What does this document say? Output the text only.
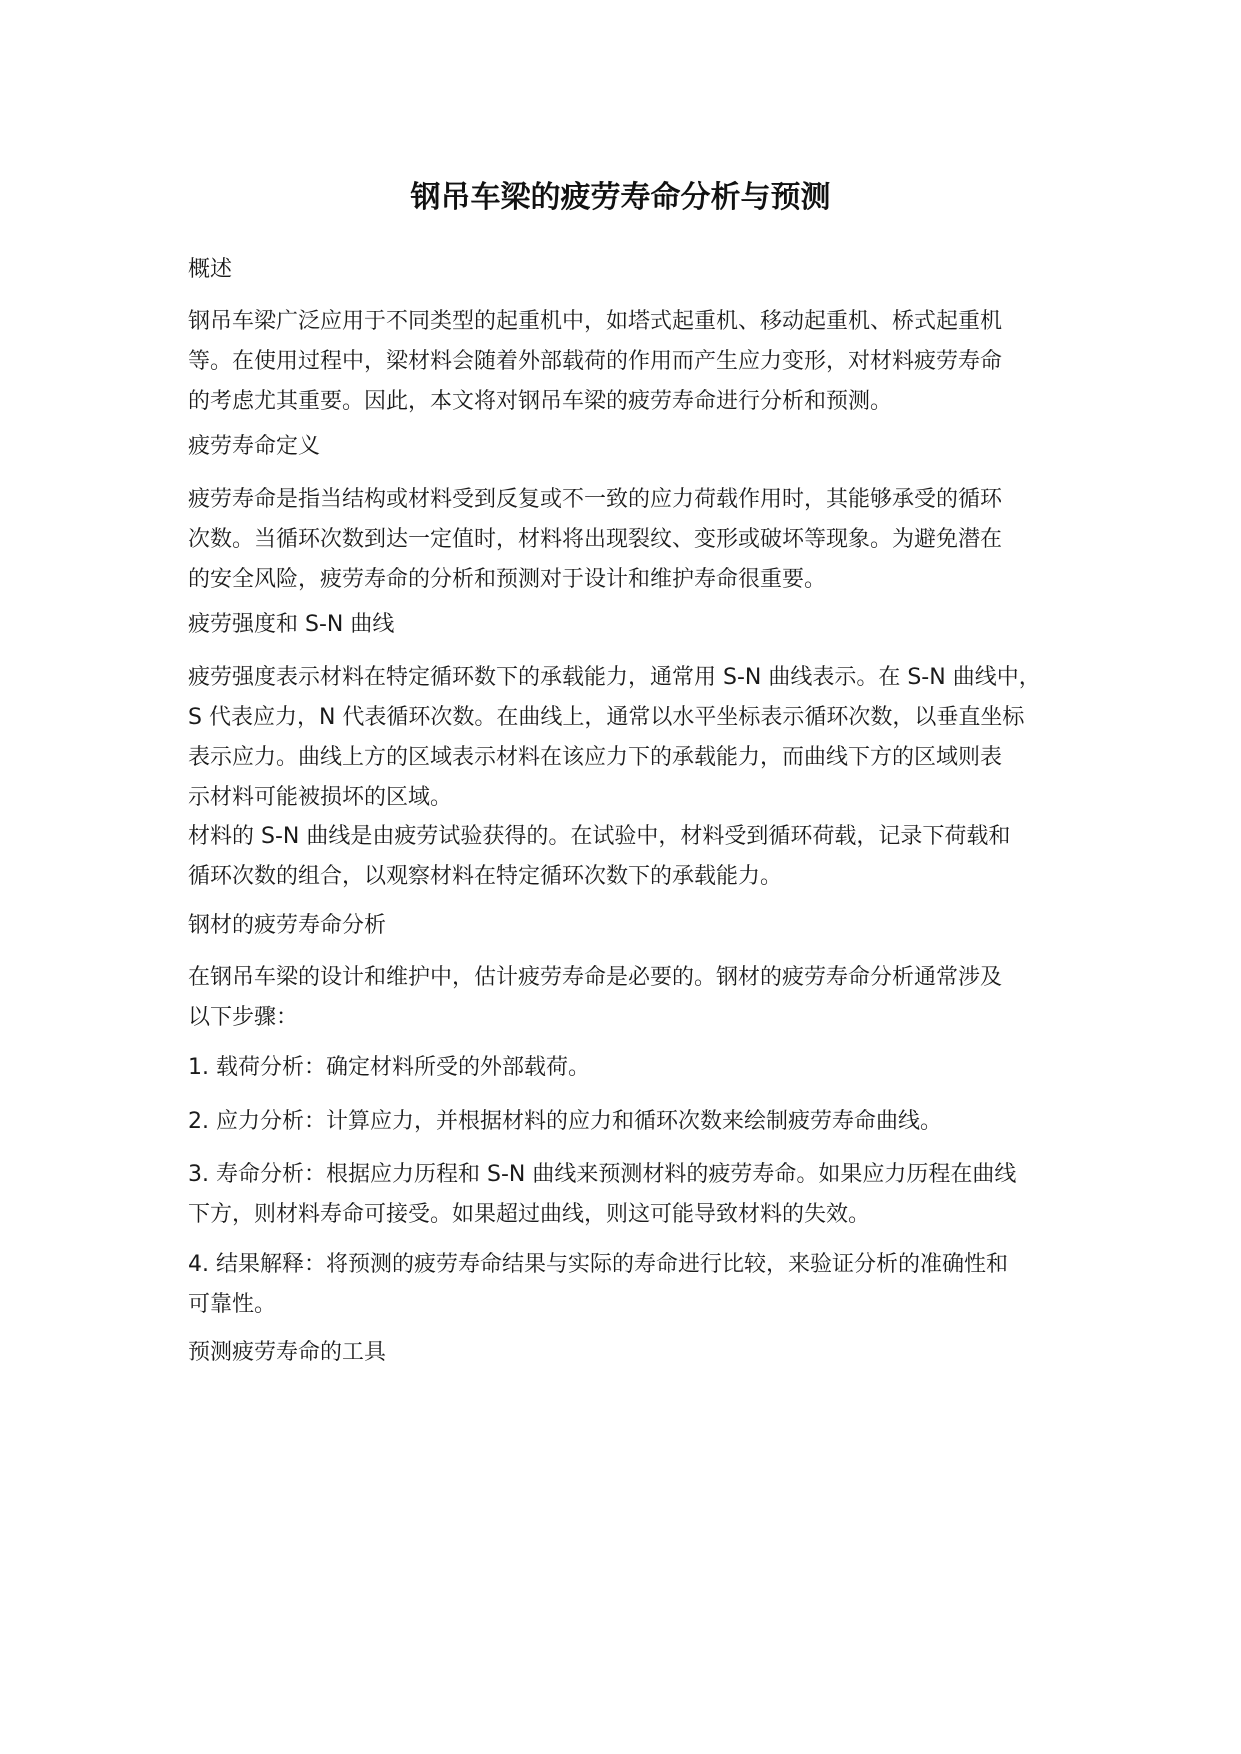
钢吊车梁的疲劳寿命分析与预测

概述

钢吊车梁广泛应用于不同类型的起重机中，如塔式起重机、移动起重机、桥式起重机
等。在使用过程中，梁材料会随着外部载荷的作用而产生应力变形，对材料疲劳寿命
的考虑尤其重要。因此，本文将对钢吊车梁的疲劳寿命进行分析和预测。

疲劳寿命定义

疲劳寿命是指当结构或材料受到反复或不一致的应力荷载作用时，其能够承受的循环
次数。当循环次数到达一定值时，材料将出现裂纹、变形或破坏等现象。为避免潜在
的安全风险，疲劳寿命的分析和预测对于设计和维护寿命很重要。

疲劳强度和 S-N 曲线

疲劳强度表示材料在特定循环数下的承载能力，通常用 S-N 曲线表示。在 S-N 曲线中，
S 代表应力，N 代表循环次数。在曲线上，通常以水平坐标表示循环次数，以垂直坐标
表示应力。曲线上方的区域表示材料在该应力下的承载能力，而曲线下方的区域则表
示材料可能被损坏的区域。

材料的 S-N 曲线是由疲劳试验获得的。在试验中，材料受到循环荷载，记录下荷载和
循环次数的组合，以观察材料在特定循环次数下的承载能力。

钢材的疲劳寿命分析

在钢吊车梁的设计和维护中，估计疲劳寿命是必要的。钢材的疲劳寿命分析通常涉及
以下步骤：

1. 载荷分析：确定材料所受的外部载荷。

2. 应力分析：计算应力，并根据材料的应力和循环次数来绘制疲劳寿命曲线。

3. 寿命分析：根据应力历程和 S-N 曲线来预测材料的疲劳寿命。如果应力历程在曲线
下方，则材料寿命可接受。如果超过曲线，则这可能导致材料的失效。

4. 结果解释：将预测的疲劳寿命结果与实际的寿命进行比较，来验证分析的准确性和
可靠性。

预测疲劳寿命的工具
